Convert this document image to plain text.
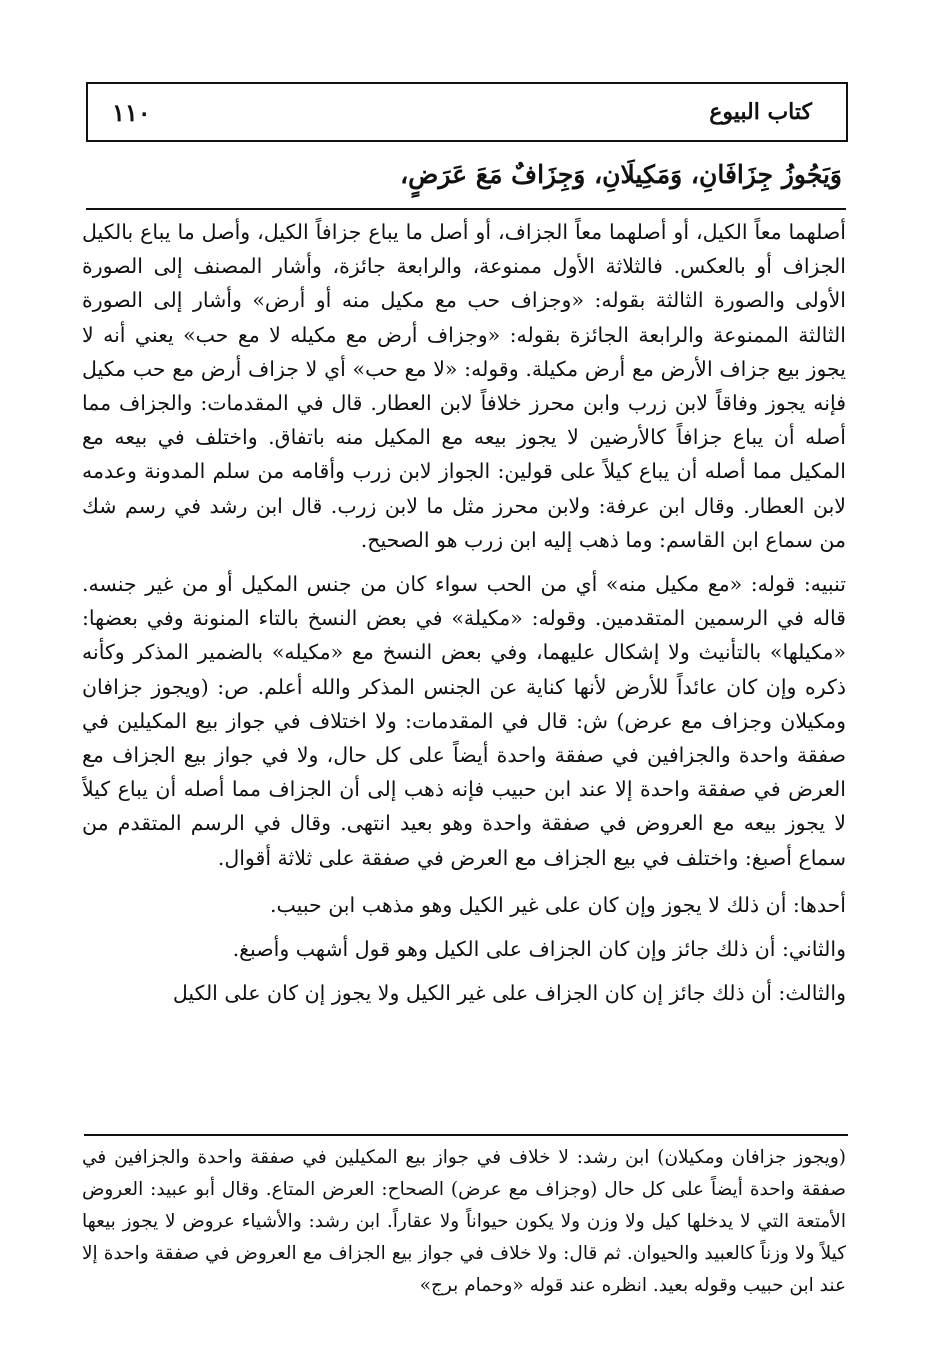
١١٠	كتاب البيوع
وَيَجُوزُ جِزَافَانِ، وَمَكِيلَانِ، وَجِزَافٌ مَعَ عَرَضٍ،

أصلهما معاً الكيل، أو أصلهما معاً الجزاف، أو أصل ما يباع جزافاً الكيل، وأصل ما يباع بالكيل الجزاف أو بالعكس. فالثلاثة الأول ممنوعة، والرابعة جائزة، وأشار المصنف إلى الصورة الأولى والصورة الثالثة بقوله: «وجزاف حب مع مكيل منه أو أرض» وأشار إلى الصورة الثالثة الممنوعة والرابعة الجائزة بقوله: «وجزاف أرض مع مكيله لا مع حب» يعني أنه لا يجوز بيع جزاف الأرض مع أرض مكيلة. وقوله: «لا مع حب» أي لا جزاف أرض مع حب مكيل فإنه يجوز وفاقاً لابن زرب وابن محرز خلافاً لابن العطار. قال في المقدمات: والجزاف مما أصله أن يباع جزافاً كالأرضين لا يجوز بيعه مع المكيل منه باتفاق. واختلف في بيعه مع المكيل مما أصله أن يباع كيلاً على قولين: الجواز لابن زرب وأقامه من سلم المدونة وعدمه لابن العطار. وقال ابن عرفة: ولابن محرز مثل ما لابن زرب. قال ابن رشد في رسم شك من سماع ابن القاسم: وما ذهب إليه ابن زرب هو الصحيح.

تنبيه: قوله: «مع مكيل منه» أي من الحب سواء كان من جنس المكيل أو من غير جنسه. قاله في الرسمين المتقدمين. وقوله: «مكيلة» في بعض النسخ بالتاء المنونة وفي بعضها: «مكيلها» بالتأنيث ولا إشكال عليهما، وفي بعض النسخ مع «مكيله» بالضمير المذكر وكأنه ذكره وإن كان عائداً للأرض لأنها كناية عن الجنس المذكر والله أعلم. ص: (ويجوز جزافان ومكيلان وجزاف مع عرض) ش: قال في المقدمات: ولا اختلاف في جواز بيع المكيلين في صفقة واحدة والجزافين في صفقة واحدة أيضاً على كل حال، ولا في جواز بيع الجزاف مع العرض في صفقة واحدة إلا عند ابن حبيب فإنه ذهب إلى أن الجزاف مما أصله أن يباع كيلاً لا يجوز بيعه مع العروض في صفقة واحدة وهو بعيد انتهى. وقال في الرسم المتقدم من سماع أصبغ: واختلف في بيع الجزاف مع العرض في صفقة على ثلاثة أقوال.

أحدها: أن ذلك لا يجوز وإن كان على غير الكيل وهو مذهب ابن حبيب.

والثاني: أن ذلك جائز وإن كان الجزاف على الكيل وهو قول أشهب وأصبغ.

والثالث: أن ذلك جائز إن كان الجزاف على غير الكيل ولا يجوز إن كان على الكيل

(ويجوز جزافان ومكيلان) ابن رشد: لا خلاف في جواز بيع المكيلين في صفقة واحدة والجزافين في صفقة واحدة أيضاً على كل حال (وجزاف مع عرض) الصحاح: العرض المتاع. وقال أبو عبيد: العروض الأمتعة التي لا يدخلها كيل ولا وزن ولا يكون حيواناً ولا عقاراً. ابن رشد: والأشياء عروض لا يجوز بيعها كيلاً ولا وزناً كالعبيد والحيوان. ثم قال: ولا خلاف في جواز بيع الجزاف مع العروض في صفقة واحدة إلا عند ابن حبيب وقوله بعيد. انظره عند قوله «وحمام برج»
